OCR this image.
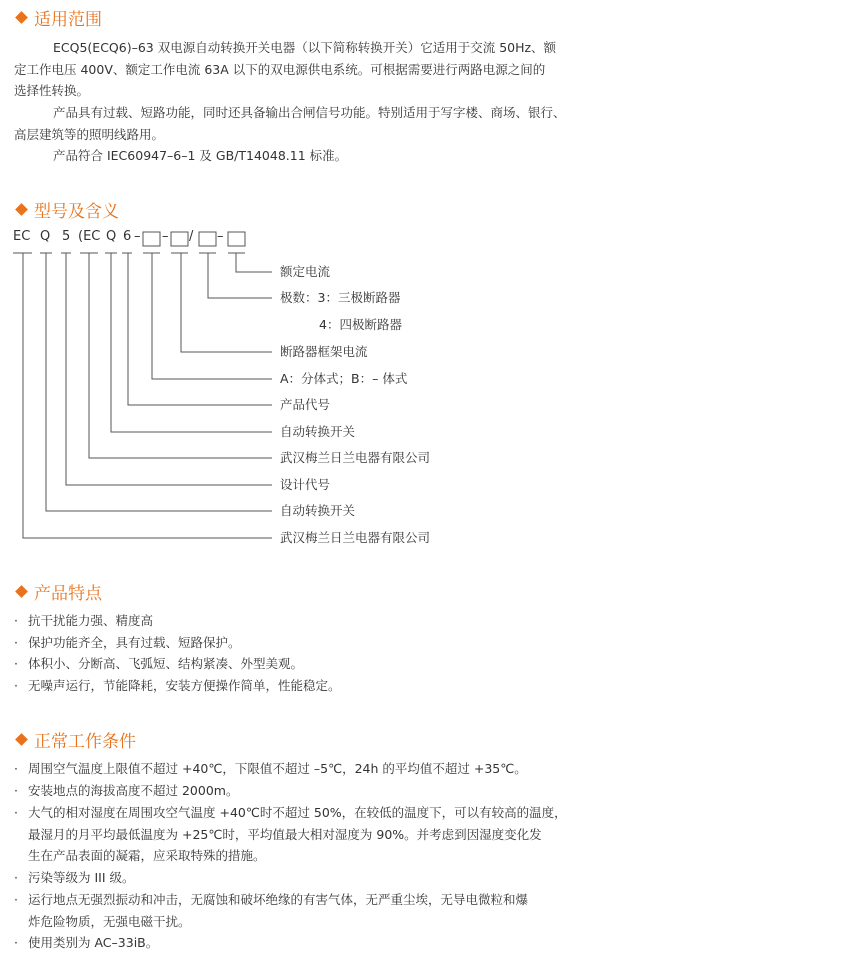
适用范围
ECQ5(ECQ6)–63 双电源自动转换开关电器（以下简称转换开关）它适用于交流 50Hz、额
定工作电压 400V、额定工作电流 63A 以下的双电源供电系统。可根据需要进行两路电源之间的
选择性转换。
产品具有过载、短路功能，同时还具备输出合闸信号功能。特别适用于写字楼、商场、银行、
高层建筑等的照明线路用。
产品符合 IEC60947–6–1 及 GB/T14048.11 标准。
型号及含义
EC Q 5 (EC Q 6 – – / –
额定电流
极数：3：三极断路器
4：四极断路器
断路器框架电流
A：分体式；B：– 体式
产品代号
自动转换开关
武汉梅兰日兰电器有限公司
设计代号
自动转换开关
武汉梅兰日兰电器有限公司
产品特点
· 抗干扰能力强、精度高
· 保护功能齐全，具有过载、短路保护。
· 体积小、分断高、飞弧短、结构紧凑、外型美观。
· 无噪声运行，节能降耗，安装方便操作简单，性能稳定。
正常工作条件
· 周围空气温度上限值不超过 +40℃，下限值不超过 –5℃，24h 的平均值不超过 +35℃。
· 安装地点的海拔高度不超过 2000m。
· 大气的相对湿度在周围攻空气温度 +40℃时不超过 50%，在较低的温度下，可以有较高的温度，
最湿月的月平均最低温度为 +25℃时，平均值最大相对湿度为 90%。并考虑到因湿度变化发
生在产品表面的凝霜，应采取特殊的措施。
· 污染等级为 III 级。
· 运行地点无强烈振动和冲击，无腐蚀和破坏绝缘的有害气体，无严重尘埃，无导电微粒和爆
炸危险物质，无强电磁干扰。
· 使用类别为 AC–33iB。
